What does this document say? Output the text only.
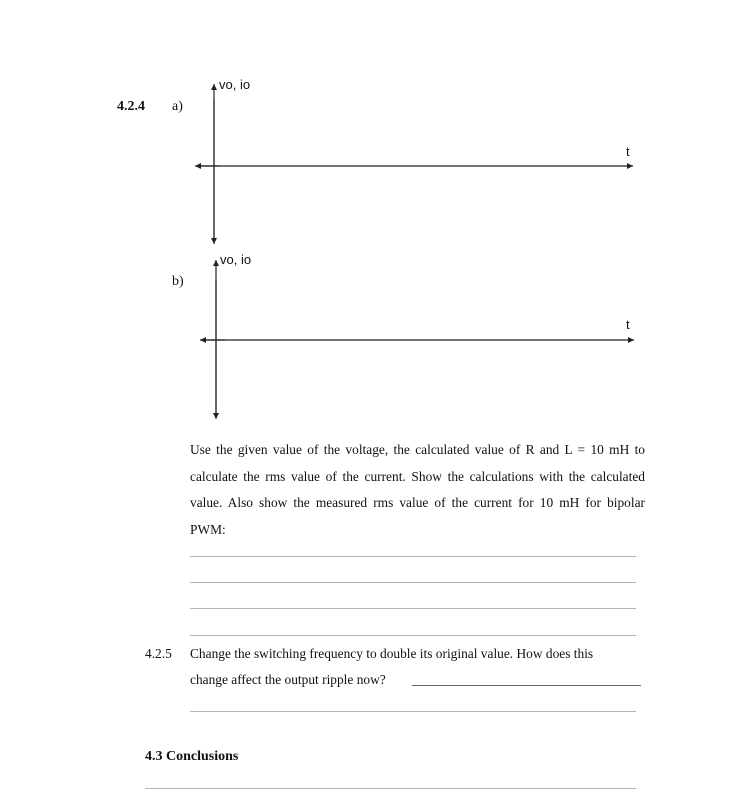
4.2.4 a)
vo, io
t
b)
vo, io
t
Use the given value of the voltage, the calculated value of R and L = 10 mH to calculate the rms value of the current. Show the calculations with the calculated value. Also show the measured rms value of the current for 10 mH for bipolar PWM:
4.2.5 Change the switching frequency to double its original value. How does this
change affect the output ripple now?
4.3 Conclusions
